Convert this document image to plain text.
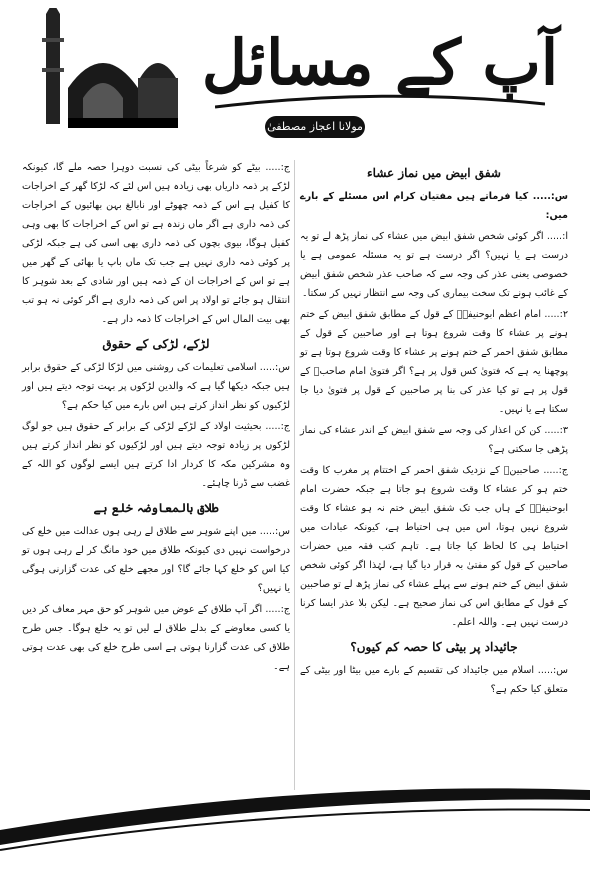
آپ کے مسائل
مولانا اعجاز مصطفیٰ
شفق ابیض میں نماز عشاء

س:..... کیا فرماتے ہیں مفتیان کرام اس مسئلے کے بارے میں:

ا:..... اگر کوئی شخص شفق ابیض میں عشاء کی نماز پڑھ لے تو یہ درست ہے یا نہیں؟ اگر درست ہے تو یہ مسئلہ عمومی ہے یا خصوصی یعنی عذر کی وجہ سے کہ صاحب عذر شخص شفق ابیض کے غائب ہونے تک سخت بیماری کی وجہ سے انتظار نہیں کر سکتا۔

۲:..... امام اعظم ابوحنیفہؒ کے قول کے مطابق شفق ابیض کے ختم ہونے پر عشاء کا وقت شروع ہوتا ہے اور صاحبین کے قول کے مطابق شفق احمر کے ختم ہونے پر عشاء کا وقت شروع ہوتا ہے تو پوچھنا یہ ہے کہ فتویٰ کس قول پر ہے؟ اگر فتویٰ امام صاحبؒ کے قول پر ہے تو کیا عذر کی بنا پر صاحبین کے قول پر فتویٰ دیا جا سکتا ہے یا نہیں۔

۳:..... کن کن اعذار کی وجہ سے شفق ابیض کے اندر عشاء کی نماز پڑھی جا سکتی ہے؟

ج:..... صاحبینؒ کے نزدیک شفق احمر کے اختتام پر مغرب کا وقت ختم ہو کر عشاء کا وقت شروع ہو جاتا ہے جبکہ حضرت امام ابوحنیفہؒ کے ہاں جب تک شفق ابیض ختم نہ ہو عشاء کا وقت شروع نہیں ہوتا، اس میں ہی احتیاط ہے، کیونکہ عبادات میں احتیاط ہی کا لحاظ کیا جاتا ہے۔ تاہم کتب فقہ میں حضرات صاحبین کے قول کو مفتیٰ بہ قرار دیا گیا ہے، لہٰذا اگر کوئی شخص شفق ابیض کے ختم ہونے سے پہلے عشاء کی نماز پڑھ لے تو صاحبین کے قول کے مطابق اس کی نماز صحیح ہے۔ لیکن بلا عذر ایسا کرنا درست نہیں ہے۔ واللہ اعلم۔

جائیداد پر بیٹی کا حصہ کم کیوں؟

س:..... اسلام میں جائیداد کی تقسیم کے بارے میں بیٹا اور بیٹی کے متعلق کیا حکم ہے؟

ج:..... بیٹے کو شرعاً بیٹی کی نسبت دوہرا حصہ ملے گا، کیونکہ لڑکے پر ذمہ داریاں بھی زیادہ ہیں اس لئے کہ لڑکا گھر کے اخراجات کا کفیل ہے اس کے ذمہ چھوٹے اور نابالغ بہن بھائیوں کے اخراجات کی ذمہ داری ہے اگر ماں زندہ ہے تو اس کے اخراجات کا بھی وہی کفیل ہوگا، بیوی بچوں کی ذمہ داری بھی اسی کی ہے جبکہ لڑکی پر کوئی ذمہ داری نہیں ہے جب تک ماں باپ یا بھائی کے گھر میں ہے تو اس کے اخراجات ان کے ذمہ ہیں اور شادی کے بعد شوہر کا انتقال ہو جائے تو اولاد پر اس کی ذمہ داری ہے اگر کوئی نہ ہو تب بھی بیت المال اس کے اخراجات کا ذمہ دار ہے۔

لڑکے، لڑکی کے حقوق

س:..... اسلامی تعلیمات کی روشنی میں لڑکا لڑکی کے حقوق برابر ہیں جبکہ دیکھا گیا ہے کہ والدین لڑکوں پر بہت توجہ دیتے ہیں اور لڑکیوں کو نظر انداز کرتے ہیں اس بارے میں کیا حکم ہے؟

ج:..... بحیثیت اولاد کے لڑکے لڑکی کے برابر کے حقوق ہیں جو لوگ لڑکوں پر زیادہ توجہ دیتے ہیں اور لڑکیوں کو نظر انداز کرتے ہیں وہ مشرکین مکہ کا کردار ادا کرتے ہیں ایسے لوگوں کو اللہ کے غضب سے ڈرنا چاہئے۔

طلاق بالمعاوضہ خلع ہے

س:..... میں اپنے شوہر سے طلاق لے رہی ہوں عدالت میں خلع کی درخواست نہیں دی کیونکہ طلاق میں خود مانگ کر لے رہی ہوں تو کیا اس کو خلع کہا جائے گا؟ اور مجھے خلع کی عدت گزارنی ہوگی یا نہیں؟

ج:..... اگر آپ طلاق کے عوض میں شوہر کو حق مہر معاف کر دیں یا کسی معاوضے کے بدلے طلاق لے لیں تو یہ خلع ہوگا۔ جس طرح طلاق کی عدت گزارنا ہوتی ہے اسی طرح خلع کی بھی عدت ہوتی ہے۔
